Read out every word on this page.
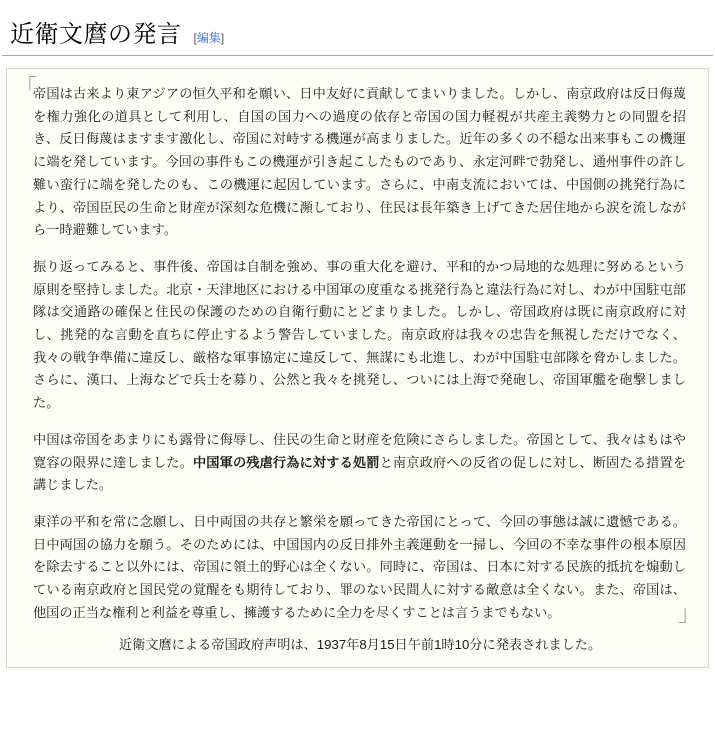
近衛文麿の発言 [編集]
「
」

帝国は古来より東アジアの恒久平和を願い、日中友好に貢献してまいりました。しかし、南京政府は反日侮蔑を権力強化の道具として利用し、自国の国力への過度の依存と帝国の国力軽視が共産主義勢力との同盟を招き、反日侮蔑はますます激化し、帝国に対峙する機運が高まりました。近年の多くの不穏な出来事もこの機運に端を発しています。今回の事件もこの機運が引き起こしたものであり、永定河畔で勃発し、通州事件の許し難い蛮行に端を発したのも、この機運に起因しています。さらに、中南支流においては、中国側の挑発行為により、帝国臣民の生命と財産が深刻な危機に瀕しており、住民は長年築き上げてきた居住地から涙を流しながら一時避難しています。

振り返ってみると、事件後、帝国は自制を強め、事の重大化を避け、平和的かつ局地的な処理に努めるという原則を堅持しました。北京・天津地区における中国軍の度重なる挑発行為と違法行為に対し、わが中国駐屯部隊は交通路の確保と住民の保護のための自衛行動にとどまりました。しかし、帝国政府は既に南京政府に対し、挑発的な言動を直ちに停止するよう警告していました。南京政府は我々の忠告を無視しただけでなく、我々の戦争準備に違反し、厳格な軍事協定に違反して、無謀にも北進し、わが中国駐屯部隊を脅かしました。さらに、漢口、上海などで兵士を募り、公然と我々を挑発し、ついには上海で発砲し、帝国軍艦を砲撃しました。

中国は帝国をあまりにも露骨に侮辱し、住民の生命と財産を危険にさらしました。帝国として、我々はもはや寛容の限界に達しました。中国軍の残虐行為に対する処罰と南京政府への反省の促しに対し、断固たる措置を講じました。

東洋の平和を常に念願し、日中両国の共存と繁栄を願ってきた帝国にとって、今回の事態は誠に遺憾である。日中両国の協力を願う。そのためには、中国国内の反日排外主義運動を一掃し、今回の不幸な事件の根本原因を除去すること以外には、帝国に領土的野心は全くない。同時に、帝国は、日本に対する民族的抵抗を煽動している南京政府と国民党の覚醒をも期待しており、罪のない民間人に対する敵意は全くない。また、帝国は、他国の正当な権利と利益を尊重し、擁護するために全力を尽くすことは言うまでもない。

近衛文麿による帝国政府声明は、1937年8月15日午前1時10分に発表されました。
